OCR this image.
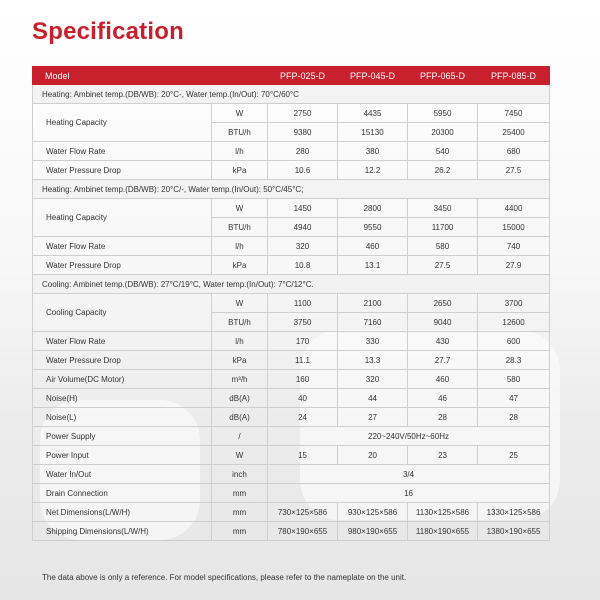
Specification
Model		PFP-025-D	PFP-045-D	PFP-065-D	PFP-085-D
Heating: Ambinet temp.(DB/WB): 20°C-, Water temp.(In/Out): 70°C/60°C					
Heating Capacity	W	2750	4435	5950	7450
	BTU/h	9380	15130	20300	25400
Water Flow Rate	l/h	280	380	540	680
Water Pressure Drop	kPa	10.6	12.2	26.2	27.5
Heating: Ambinet temp.(DB/WB): 20°C/-, Water temp.(In/Out): 50°C/45°C;					
Heating Capacity	W	1450	2800	3450	4400
	BTU/h	4940	9550	11700	15000
Water Flow Rate	l/h	320	460	580	740
Water Pressure Drop	kPa	10.8	13.1	27.5	27.9
Cooling: Ambinet temp.(DB/WB): 27°C/19°C, Water temp.(In/Out): 7°C/12°C.					
Cooling Capacity	W	1100	2100	2650	3700
	BTU/h	3750	7160	9040	12600
Water Flow Rate	l/h	170	330	430	600
Water Pressure Drop	kPa	11.1	13.3	27.7	28.3
Air Volume(DC Motor)	m³/h	160	320	460	580
Noise(H)	dB(A)	40	44	46	47
Noise(L)	dB(A)	24	27	28	28
Power Supply	/	220~240V/50Hz~60Hz			
Power Input	W	15	20	23	25
Water In/Out	inch	3/4			
Drain Connection	mm	16			
Net Dimensions(L/W/H)	mm	730×125×586	930×125×586	1130×125×586	1330×125×586
Shipping Dimensions(L/W/H)	mm	780×190×655	980×190×655	1180×190×655	1380×190×655
The data above is only a reference. For model specifications, please refer to the nameplate on the unit.
